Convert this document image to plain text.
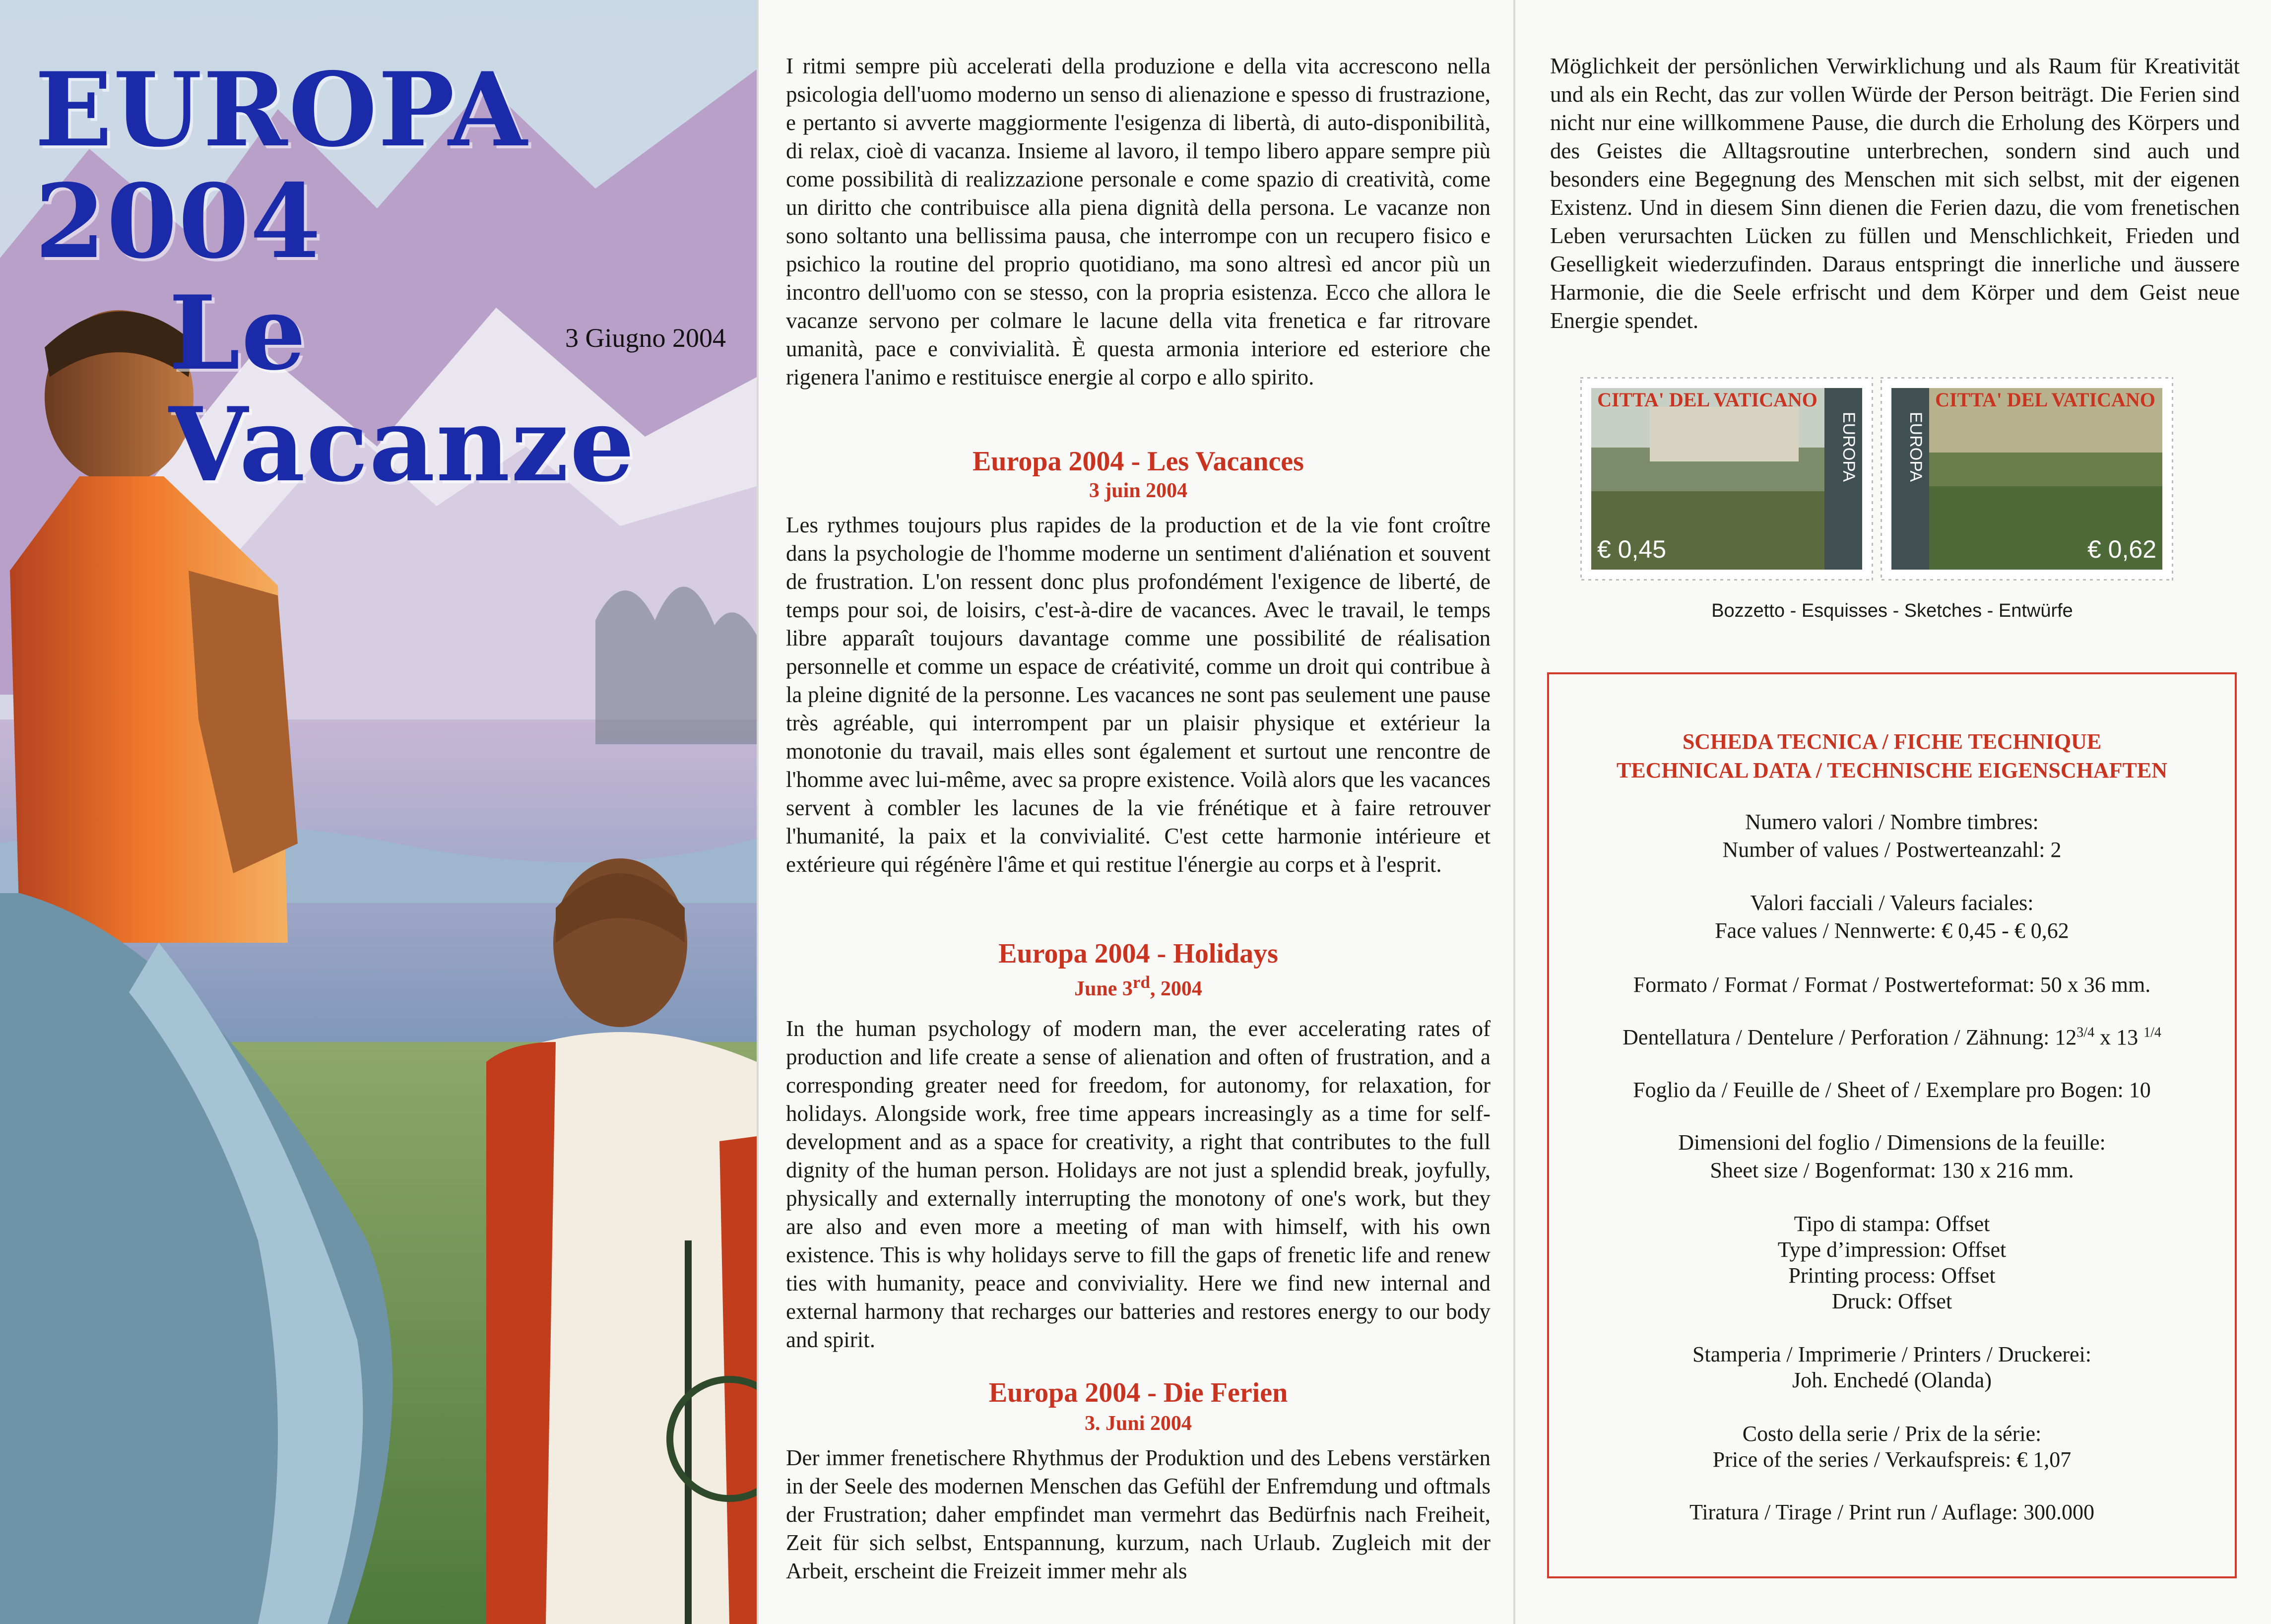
EUROPA 2004
Le Vacanze
3 Giugno 2004

I ritmi sempre più accelerati della produzione e della vita accrescono nella psicologia dell'uomo moderno un senso di alienazione e spesso di frustrazione, e pertanto si avverte maggiormente l'esigenza di libertà, di auto-disponibilità, di relax, cioè di vacanza. Insieme al lavoro, il tempo libero appare sempre più come possibilità di realizzazione personale e come spazio di creatività, come un diritto che contribuisce alla piena dignità della persona. Le vacanze non sono soltanto una bellissima pausa, che interrompe con un recupero fisico e psichico la routine del proprio quotidiano, ma sono altresì ed ancor più un incontro dell'uomo con se stesso, con la propria esistenza. Ecco che allora le vacanze servono per colmare le lacune della vita frenetica e far ritrovare umanità, pace e convivialità. È questa armonia interiore ed esteriore che rigenera l'animo e restituisce energie al corpo e allo spirito.

Europa 2004 - Les Vacances
3 juin 2004

Les rythmes toujours plus rapides de la production et de la vie font croître dans la psychologie de l'homme moderne un sentiment d'aliénation et souvent de frustration. L'on ressent donc plus profondément l'exigence de liberté, de temps pour soi, de loisirs, c'est-à-dire de vacances. Avec le travail, le temps libre apparaît toujours davantage comme une possibilité de réalisation personnelle et comme un espace de créativité, comme un droit qui contribue à la pleine dignité de la personne. Les vacances ne sont pas seulement une pause très agréable, qui interrompent par un plaisir physique et extérieur la monotonie du travail, mais elles sont également et surtout une rencontre de l'homme avec lui-même, avec sa propre existence. Voilà alors que les vacances servent à combler les lacunes de la vie frénétique et à faire retrouver l'humanité, la paix et la convivialité. C'est cette harmonie intérieure et extérieure qui régénère l'âme et qui restitue l'énergie au corps et à l'esprit.

Europa 2004 - Holidays
June 3rd, 2004

In the human psychology of modern man, the ever accelerating rates of production and life create a sense of alienation and often of frustration, and a corresponding greater need for freedom, for autonomy, for relaxation, for holidays. Alongside work, free time appears increasingly as a time for self-development and as a space for creativity, a right that contributes to the full dignity of the human person. Holidays are not just a splendid break, joyfully, physically and externally interrupting the monotony of one's work, but they are also and even more a meeting of man with himself, with his own existence. This is why holidays serve to fill the gaps of frenetic life and renew ties with humanity, peace and conviviality. Here we find new internal and external harmony that recharges our batteries and restores energy to our body and spirit.

Europa 2004 - Die Ferien
3. Juni 2004

Der immer frenetischere Rhythmus der Produktion und des Lebens verstärken in der Seele des modernen Menschen das Gefühl der Enfremdung und oftmals der Frustration; daher empfindet man vermehrt das Bedürfnis nach Freiheit, Zeit für sich selbst, Entspannung, kurzum, nach Urlaub. Zugleich mit der Arbeit, erscheint die Freizeit immer mehr als

Möglichkeit der persönlichen Verwirklichung und als Raum für Kreativität und als ein Recht, das zur vollen Würde der Person beiträgt. Die Ferien sind nicht nur eine willkommene Pause, die durch die Erholung des Körpers und des Geistes die Alltagsroutine unterbrechen, sondern sind auch und besonders eine Begegnung des Menschen mit sich selbst, mit der eigenen Existenz. Und in diesem Sinn dienen die Ferien dazu, die vom frenetischen Leben verursachten Lücken zu füllen und Menschlichkeit, Frieden und Geselligkeit wiederzufinden. Daraus entspringt die innerliche und äussere Harmonie, die die Seele erfrischt und dem Körper und dem Geist neue Energie spendet.

CITTA' DEL VATICANO
EUROPA
€ 0,45
CITTA' DEL VATICANO
EUROPA
€ 0,62
Bozzetto - Esquisses - Sketches - Entwürfe
SCHEDA TECNICA / FICHE TECHNIQUE
TECHNICAL DATA / TECHNISCHE EIGENSCHAFTEN

Numero valori / Nombre timbres:

Number of values / Postwerteanzahl: 2

Valori facciali / Valeurs faciales:

Face values / Nennwerte: € 0,45 - € 0,62

Formato / Format / Format / Postwerteformat: 50 x 36 mm.

Dentellatura / Dentelure / Perforation / Zähnung: $12^{3/4}$ x 13 $^{1/4}$

Foglio da / Feuille de / Sheet of / Exemplare pro Bogen: 10

Dimensioni del foglio / Dimensions de la feuille:

Sheet size / Bogenformat: 130 x 216 mm.

Tipo di stampa: Offset

Type d’impression: Offset

Printing process: Offset

Druck: Offset

Stamperia / Imprimerie / Printers / Druckerei:

Joh. Enchedé (Olanda)

Costo della serie / Prix de la série:

Price of the series / Verkaufspreis: € 1,07

Tiratura / Tirage / Print run / Auflage: 300.000
